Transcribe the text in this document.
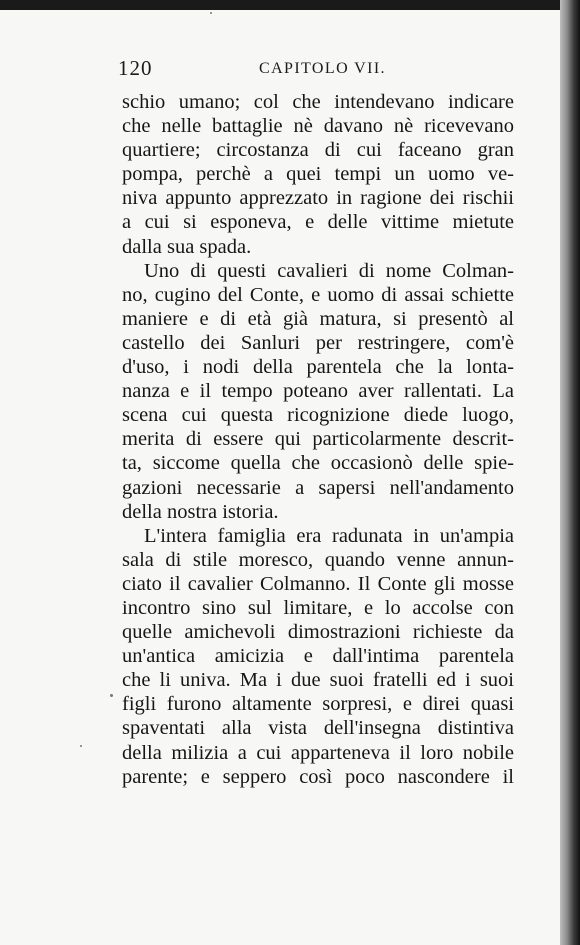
120	CAPITOLO VII.
schio umano; col che intendevano indicare
che nelle battaglie nè davano nè ricevevano
quartiere; circostanza di cui faceano gran
pompa, perchè a quei tempi un uomo ve-
niva appunto apprezzato in ragione dei rischii
a cui si esponeva, e delle vittime mietute
dalla sua spada.
Uno di questi cavalieri di nome Colman-
no, cugino del Conte, e uomo di assai schiette
maniere e di età già matura, si presentò al
castello dei Sanluri per restringere, com'è
d'uso, i nodi della parentela che la lonta-
nanza e il tempo poteano aver rallentati. La
scena cui questa ricognizione diede luogo,
merita di essere qui particolarmente descrit-
ta, siccome quella che occasionò delle spie-
gazioni necessarie a sapersi nell'andamento
della nostra istoria.
L'intera famiglia era radunata in un'ampia
sala di stile moresco, quando venne annun-
ciato il cavalier Colmanno. Il Conte gli mosse
incontro sino sul limitare, e lo accolse con
quelle amichevoli dimostrazioni richieste da
un'antica amicizia e dall'intima parentela
che li univa. Ma i due suoi fratelli ed i suoi
figli furono altamente sorpresi, e direi quasi
spaventati alla vista dell'insegna distintiva
della milizia a cui apparteneva il loro nobile
parente; e seppero così poco nascondere il
